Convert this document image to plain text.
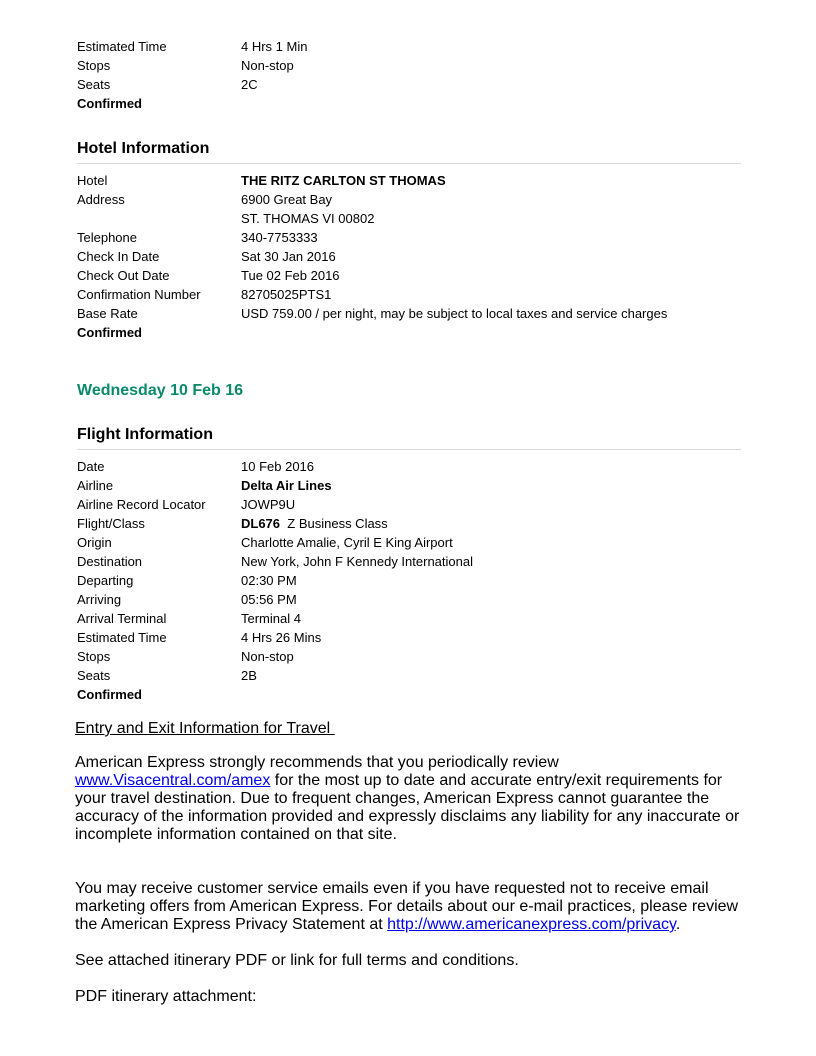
Estimated Time	4 Hrs 1 Min
Stops	Non-stop
Seats	2C
Confirmed
Hotel Information
Hotel	THE RITZ CARLTON ST THOMAS
Address	6900 Great Bay
ST. THOMAS VI 00802
Telephone	340-7753333
Check In Date	Sat 30 Jan 2016
Check Out Date	Tue 02 Feb 2016
Confirmation Number	82705025PTS1
Base Rate	USD 759.00 / per night, may be subject to local taxes and service charges
Confirmed
Wednesday 10 Feb 16
Flight Information
Date	10 Feb 2016
Airline	Delta Air Lines
Airline Record Locator	JOWP9U
Flight/Class	DL676 Z Business Class
Origin	Charlotte Amalie, Cyril E King Airport
Destination	New York, John F Kennedy International
Departing	02:30 PM
Arriving	05:56 PM
Arrival Terminal	Terminal 4
Estimated Time	4 Hrs 26 Mins
Stops	Non-stop
Seats	2B
Confirmed
Entry and Exit Information for Travel
American Express strongly recommends that you periodically review
www.Visacentral.com/amex for the most up to date and accurate entry/exit requirements for your travel destination. Due to frequent changes, American Express cannot guarantee the accuracy of the information provided and expressly disclaims any liability for any inaccurate or incomplete information contained on that site.
You may receive customer service emails even if you have requested not to receive email marketing offers from American Express. For details about our e-mail practices, please review the American Express Privacy Statement at http://www.americanexpress.com/privacy.
See attached itinerary PDF or link for full terms and conditions.
PDF itinerary attachment:
